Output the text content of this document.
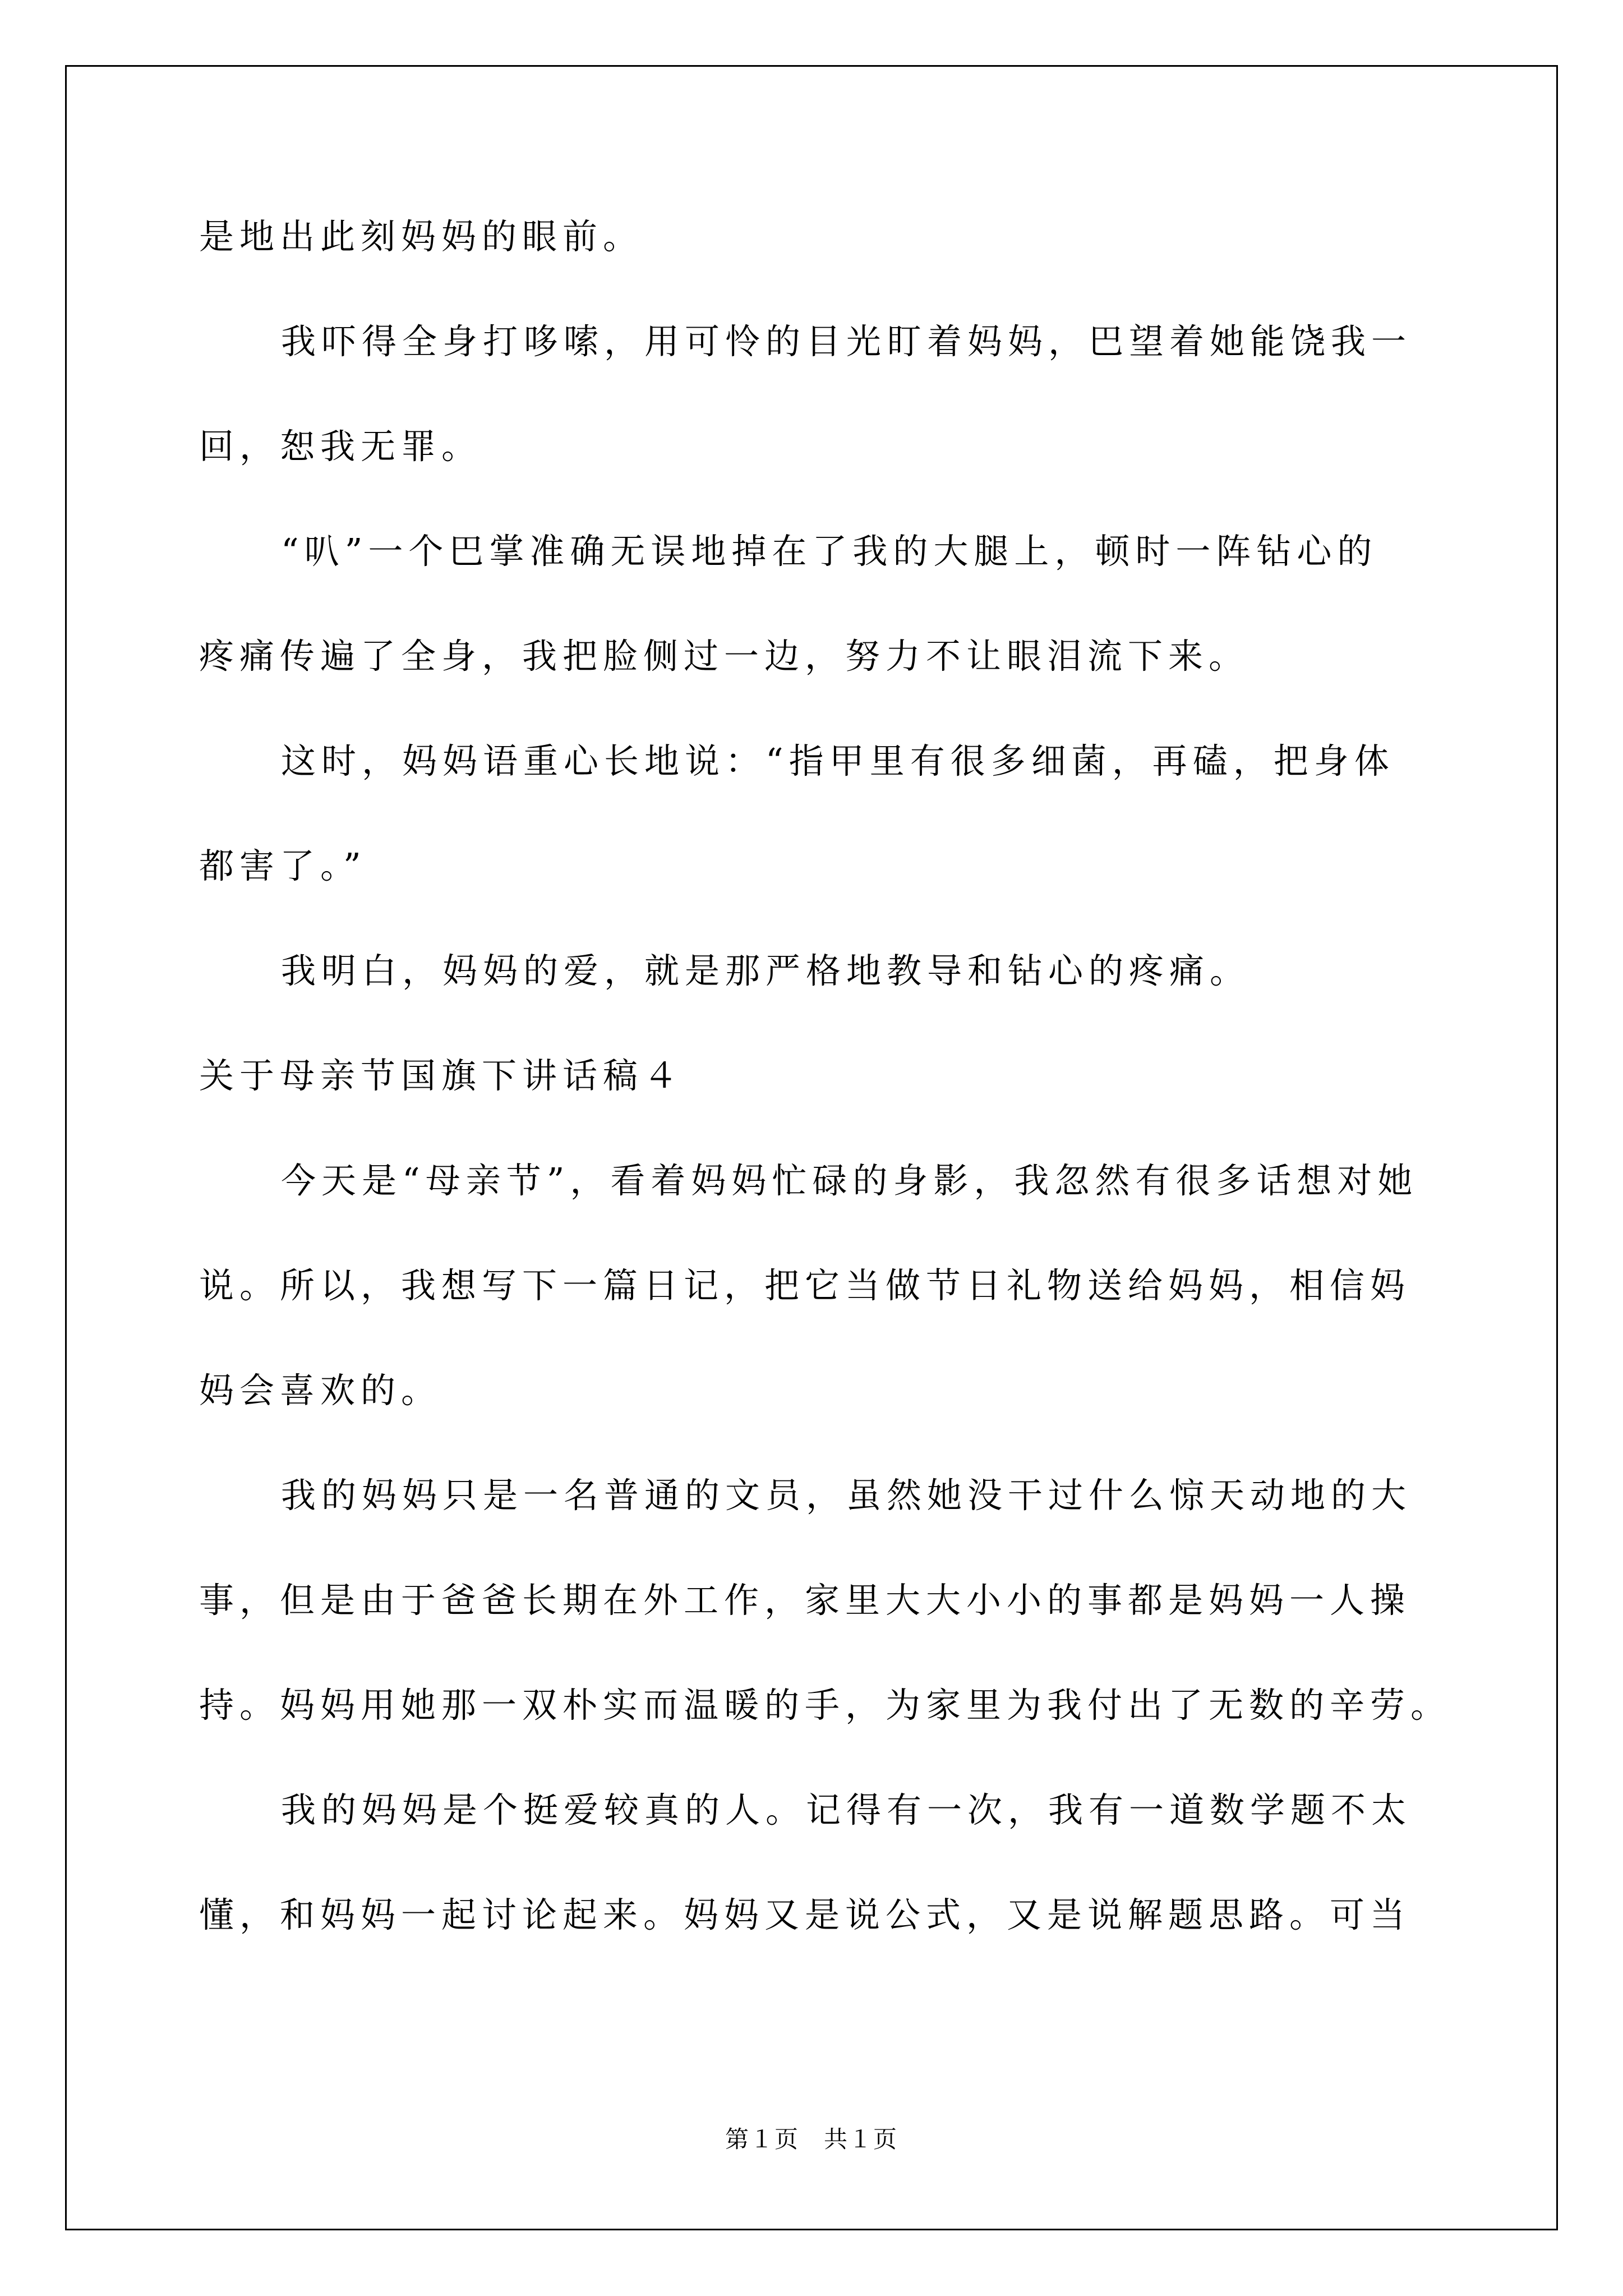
是地出此刻妈妈的眼前。
我吓得全身打哆嗦，用可怜的目光盯着妈妈，巴望着她能饶我一
回，恕我无罪。
“叭”一个巴掌准确无误地掉在了我的大腿上，顿时一阵钻心的
疼痛传遍了全身，我把脸侧过一边，努力不让眼泪流下来。
这时，妈妈语重心长地说：“指甲里有很多细菌，再磕，把身体
都害了。”
我明白，妈妈的爱，就是那严格地教导和钻心的疼痛。
关于母亲节国旗下讲话稿４
今天是“母亲节”，看着妈妈忙碌的身影，我忽然有很多话想对她
说。所以，我想写下一篇日记，把它当做节日礼物送给妈妈，相信妈
妈会喜欢的。
我的妈妈只是一名普通的文员，虽然她没干过什么惊天动地的大
事，但是由于爸爸长期在外工作，家里大大小小的事都是妈妈一人操
持。妈妈用她那一双朴实而温暖的手，为家里为我付出了无数的辛劳。
我的妈妈是个挺爱较真的人。记得有一次，我有一道数学题不太
懂，和妈妈一起讨论起来。妈妈又是说公式，又是说解题思路。可当
第１页　共１页
